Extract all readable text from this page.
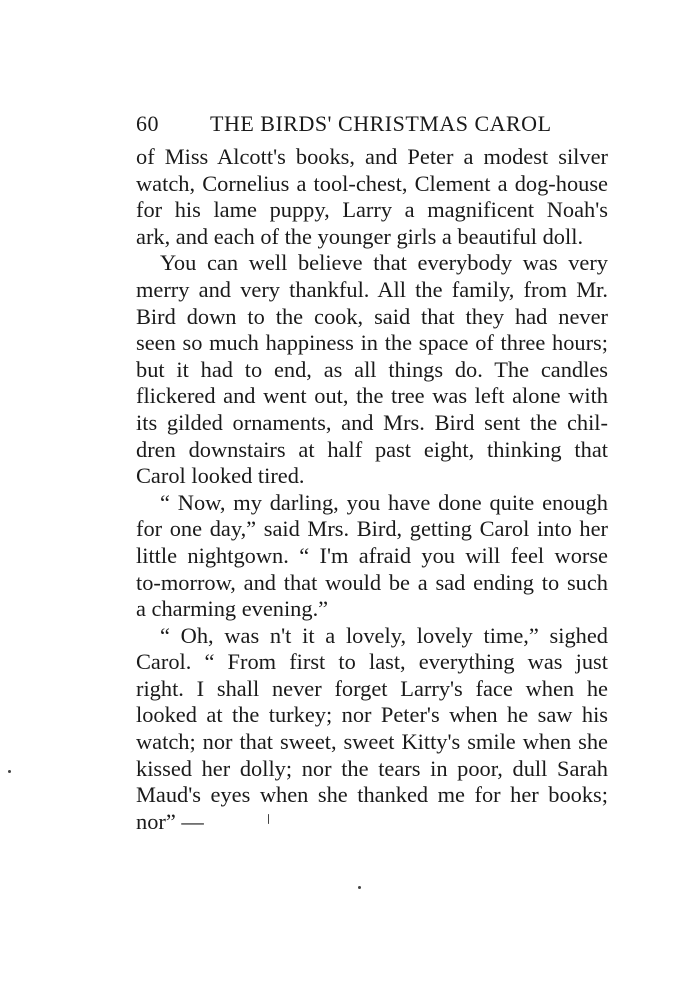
60 THE BIRDS' CHRISTMAS CAROL
of Miss Alcott's books, and Peter a modest silver
watch, Cornelius a tool-chest, Clement a dog-house
for his lame puppy, Larry a magnificent Noah's
ark, and each of the younger girls a beautiful doll.
You can well believe that everybody was very
merry and very thankful. All the family, from Mr.
Bird down to the cook, said that they had never
seen so much happiness in the space of three hours;
but it had to end, as all things do. The candles
flickered and went out, the tree was left alone with
its gilded ornaments, and Mrs. Bird sent the chil-
dren downstairs at half past eight, thinking that
Carol looked tired.
“ Now, my darling, you have done quite enough
for one day,” said Mrs. Bird, getting Carol into her
little nightgown. “ I'm afraid you will feel worse
to-morrow, and that would be a sad ending to such
a charming evening.”
“ Oh, was n't it a lovely, lovely time,” sighed
Carol. “ From first to last, everything was just
right. I shall never forget Larry's face when he
looked at the turkey; nor Peter's when he saw his
watch; nor that sweet, sweet Kitty's smile when she
kissed her dolly; nor the tears in poor, dull Sarah
Maud's eyes when she thanked me for her books;
nor” —
